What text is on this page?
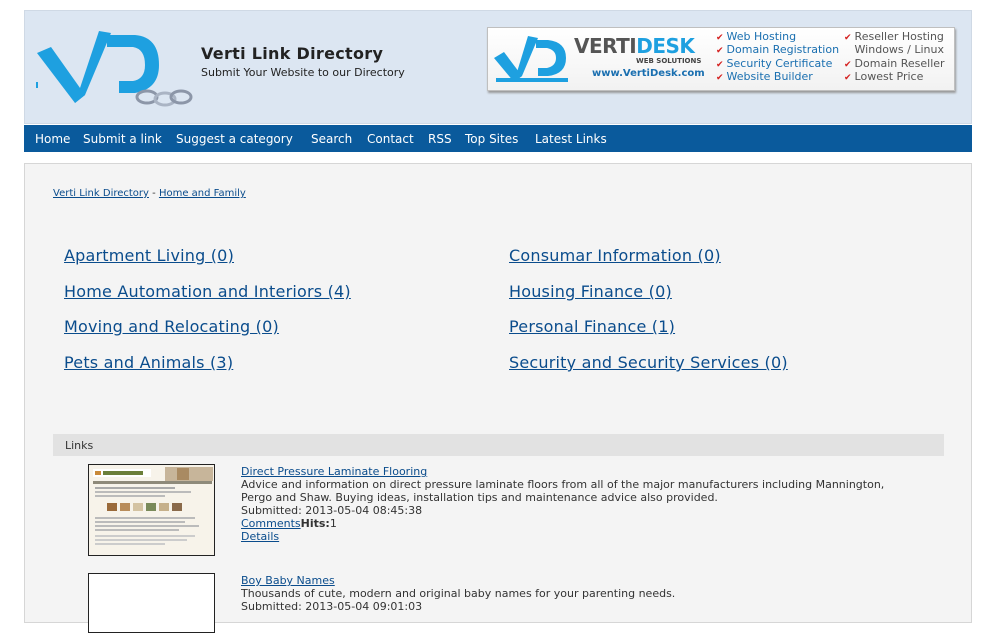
Verti Link Directory
Submit Your Website to our Directory
VERTIDESK
WEB SOLUTIONS
www.VertiDesk.com
✔ Web Hosting
✔ Domain Registration
✔ Security Certificate
✔ Website Builder
✔ Reseller Hosting
Windows / Linux
✔ Domain Reseller
✔ Lowest Price
Home Submit a link Suggest a category Search Contact RSS Top Sites Latest Links
Verti Link Directory - Home and Family
Apartment Living (0)
Home Automation and Interiors (4)
Moving and Relocating (0)
Pets and Animals (3)
Consumar Information (0)
Housing Finance (0)
Personal Finance (1)
Security and Security Services (0)
Links
Direct Pressure Laminate Flooring
Advice and information on direct pressure laminate floors from all of the major manufacturers including Mannington,
Pergo and Shaw. Buying ideas, installation tips and maintenance advice also provided.
Submitted: 2013-05-04 08:45:38
CommentsHits:1
Details
Boy Baby Names
Thousands of cute, modern and original baby names for your parenting needs.
Submitted: 2013-05-04 09:01:03
